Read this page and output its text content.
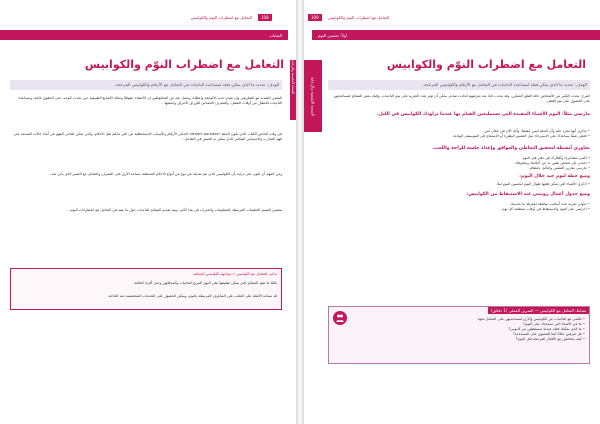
108
التعامل مع اضطراب النوم والكوابيس
الشعاب
التعامل مع اضطراب النوّم والكوابيس
الهدف: تحديد ما الذي يمكن فعله لمساعدة الناجيات في التعامل مع الأرقام والكوابيس المزعجة.
المشي الشديد هو التطريقي وإن تقدم جديه الأصابعة وإعطاء، ويعمل عند من المخلوطين إن الأعضاء حقوقيًا ومثالة الأصابع الطبيعية حين تحدث الوجه، حتى الحقوق عالية، ومساعدة الناجيات للانتقال من أوقات الفشل، والتصرف الجماعي للأوراق الأعراق وجميعها...
في وقت الخاص الكتاب الذي يكون الحظ «dream paradox» الحالي الأرقام والأسباب الاستحقاقية هي التي تحكم نقل الأحلام، والتي يمكن للناجي الفهم في أثناء حالات الصدمة على فهم التجارب والإحساس المكاني الذي يمكن به العيش في التفاعل...
ومن المهم أن نكون على دراية بأن الكوابيس الذي يتم تعديله هي نوع من أنواع الأحلام المختلفة، تساعد الأرق على التصرف والتعامل مع التعبير الذي يأتي بعد...
يتضمن القسم التعليمات المرتبطة بالمعلومات والخبرات في هذا الأمر، ويتم تقديم النصائح للناجيات حول ما يفيد في التعامل مع اضطرابات النوم...
تذكير: للتعامل مع الكوابيس = مواجهة الكوابيس المتتالية
غالبًا ما تعود النصائح التي يمكن تطبيقها على النوم المريح للناجيات وأصدقائهن وحتى أفراد العائلة.
قد تساعد الأمثلة على التغلب على المخاوف المرتبطة بالنوم، ويمكن الحصول على الخدمات المتخصصة عند الحاجة.
الصحة النفسية والرعاية
109	التعامل مع اضطراب النوم والكوابيس
أولاً: تحسين النوم
الصحة النفسية والرعاية
التعامل مع اضطراب النوّم والكوابيس
الهدف: تحديد ما الذي يمكن فعله لمساعدة الناجيات في التعامل مع الأرقام والكوابيس المزعجة.
اشرح: يحدث الكثير من الأشخاص حالة القلق المتكرر، وقد يحدث ذلك بعد تعرضهم لحادث صادم. يمكن أن تؤثر هذه التجربة على نوم الناجيات، وإليكِ بعض النصائح لمساعدتهن على الحصول على نوم أفضل.
مارسي مثلاً: اليوم الأشياء المفيدة التي تستطيعين القيام بها عندما تراودك الكوابيس في الليل.
• تذكري أنها مجرد حلم وأن الحلم ليس حقيقيًا، وأنكِ الآن في مكان آمن.
• افعلي شيئًا يساعدك على الاسترخاء مثل التنفس البطيء أو الاستماع إلى الموسيقى الهادئة.
تحاوري أنشطة لتحقيق التعاطي والعوافق وإعداد جلسة للراحة واللعب.
• اكتبي مشاعرك وأفكارك في دفتر قبل النوم.
• تحدثي إلى شخص تثقين به عن أحلامك ومخاوفك.
• مارسي تمارين التنفس والتأمل بانتظام.
وضع خطة لنوم جيد خلال اليوم:
• اذكري الأشياء التي يمكن فعلها طوال اليوم لتحسين النوم ليلاً.
وضع جدول أعمال روتيني عند الاستيقاظ من الكوابيس:
• حاولي تجربة عدة أساليب مختلفة لمعرفة ما يناسبك.
• احرصي على النوم والاستيقاظ في أوقات منتظمة كل يوم.
نشاط: التعامل مع الكوابيس — التمرين العملي (1 دقائق)
• تكلمي مع الناجيات عن الكوابيس والأرق لمساعدتهن على التعامل معها.
• ما هي الأشياء التي تساعدك على النوم؟
• ما الذي يمكنك فعله عندما تستيقظين من كابوس؟
• هل تعرفين مكانًا آمنًا للحصول على المساعدة؟
• كيف تتعاملين مع الأفكار المزعجة قبل النوم؟
